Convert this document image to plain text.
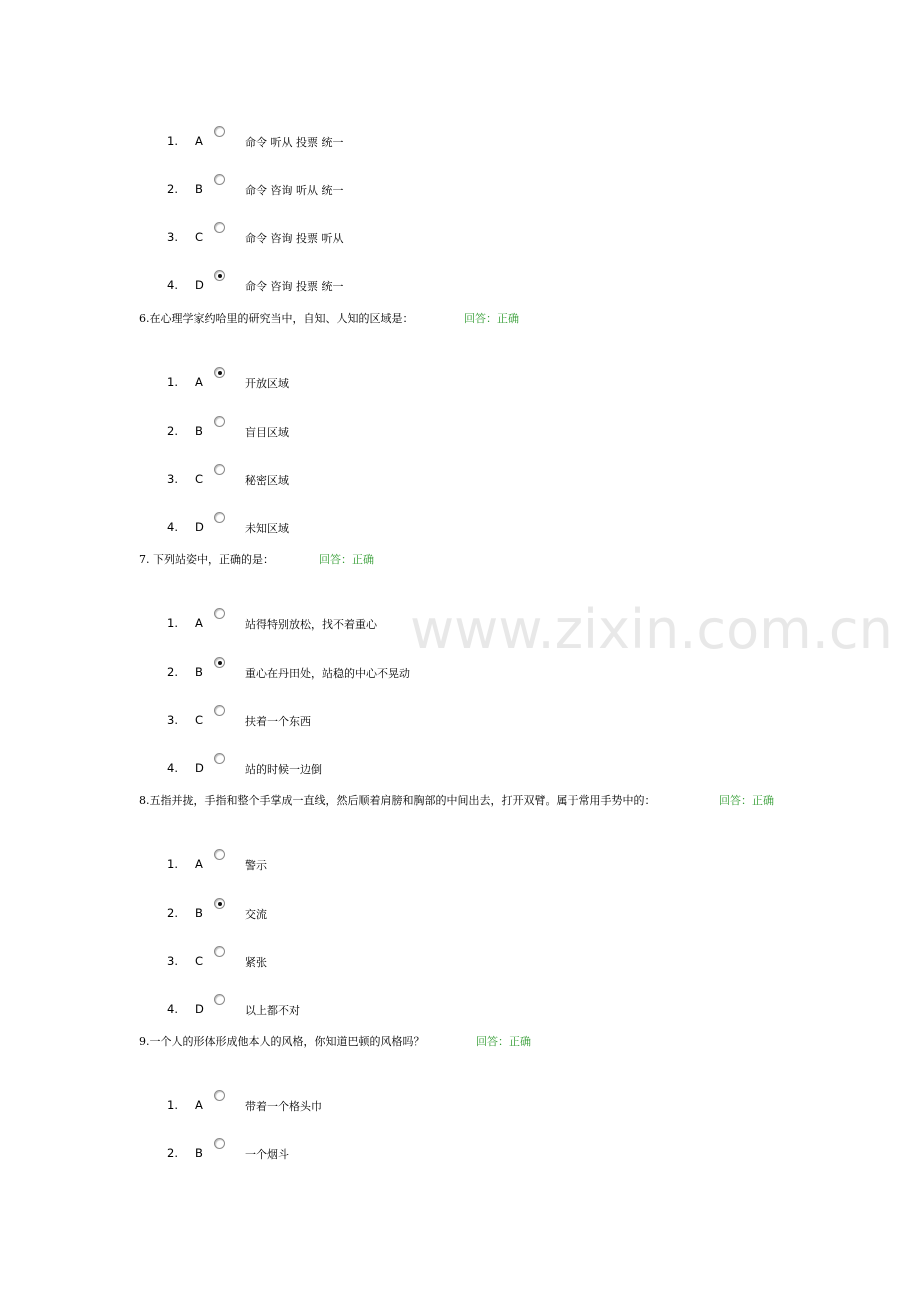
www.zixin.com.cn
1. A	命令 听从 投票 统一
2. B	命令 咨询 听从 统一
3. C	命令 咨询 投票 听从
4. D	命令 咨询 投票 统一
6.在心理学家约哈里的研究当中，自知、人知的区域是：	回答：正确
1. A	开放区域
2. B	盲目区域
3. C	秘密区域
4. D	未知区域
7. 下列站姿中，正确的是：	回答：正确
1. A	站得特别放松，找不着重心
2. B	重心在丹田处，站稳的中心不晃动
3. C	扶着一个东西
4. D	站的时候一边倒
8.五指并拢，手指和整个手掌成一直线，然后顺着肩膀和胸部的中间出去，打开双臂。属于常用手势中的：	回答：正确
1. A	警示
2. B	交流
3. C	紧张
4. D	以上都不对
9.一个人的形体形成他本人的风格，你知道巴顿的风格吗？	回答：正确
1. A	带着一个格头巾
2. B	一个烟斗
